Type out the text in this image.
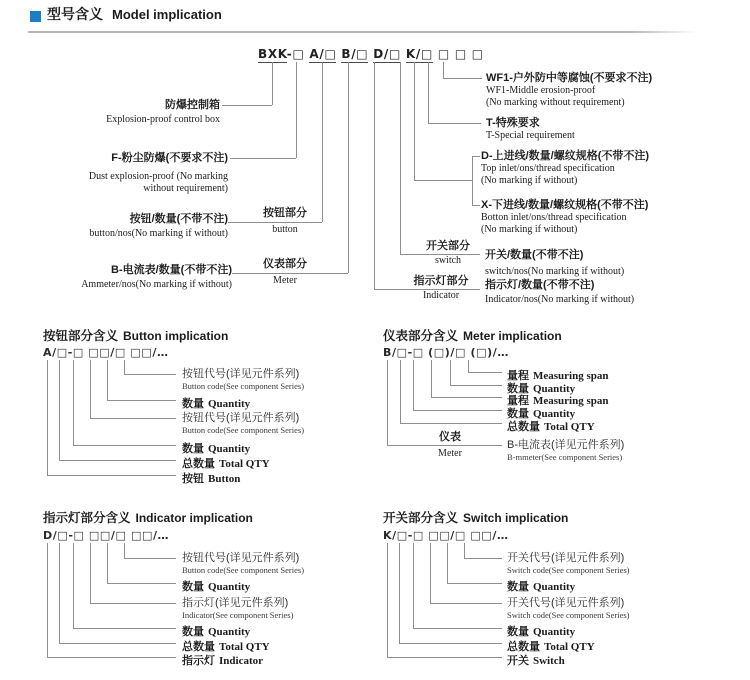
型号含义 Model implication
BXK-□ A/□ B/□ D/□ K/□ □ □ □
防爆控制箱
Explosion-proof control box
F-粉尘防爆(不要求不注)
Dust explosion-proof (No marking
without requirement)
按钮/数量(不带不注)
button/nos(No marking if without)
B-电流表/数量(不带不注)
Ammeter/nos(No marking if without)
按钮部分
button
仪表部分
Meter
开关部分
switch
指示灯部分
Indicator
WF1-户外防中等腐蚀(不要求不注)
WF1-Middle erosion-proof
(No marking without requirement)
T-特殊要求
T-Special requirement
D-上进线/数量/螺纹规格(不带不注)
Top inlet/ons/thread specification
(No marking if without)
X-下进线/数量/螺纹规格(不带不注)
Botton inlet/ons/thread specification
(No marking if without)
开关/数量(不带不注)
switch/nos(No marking if without)
指示灯/数量(不带不注)
Indicator/nos(No marking if without)
按钮部分含义 Button implication
A/□-□ □□/□ □□/…
按钮代号(详见元件系列)
Button code(See component Series)
数量 Quantity
按钮代号(详见元件系列)
Button code(See component Series)
数量 Quantity
总数量 Total QTY
按钮 Button
仪表部分含义 Meter implication
B/□-□ (□)/□ (□)/…
量程 Measuring span
数量 Quantity
量程 Measuring span
数量 Quantity
总数量 Total QTY
B-电流表(详见元件系列)
B-mmeter(See component Series)
仪表
Meter
指示灯部分含义 Indicator implication
D/□-□ □□/□ □□/…
按钮代号(详见元件系列)
Button code(See component Series)
数量 Quantity
指示灯(详见元件系列)
Indicator(See component Series)
数量 Quantity
总数量 Total QTY
指示灯 Indicator
开关部分含义 Switch implication
K/□-□ □□/□ □□/…
开关代号(详见元件系列)
Switch code(See component Series)
数量 Quantity
开关代号(详见元件系列)
Switch code(See component Series)
数量 Quantity
总数量 Total QTY
开关 Switch
